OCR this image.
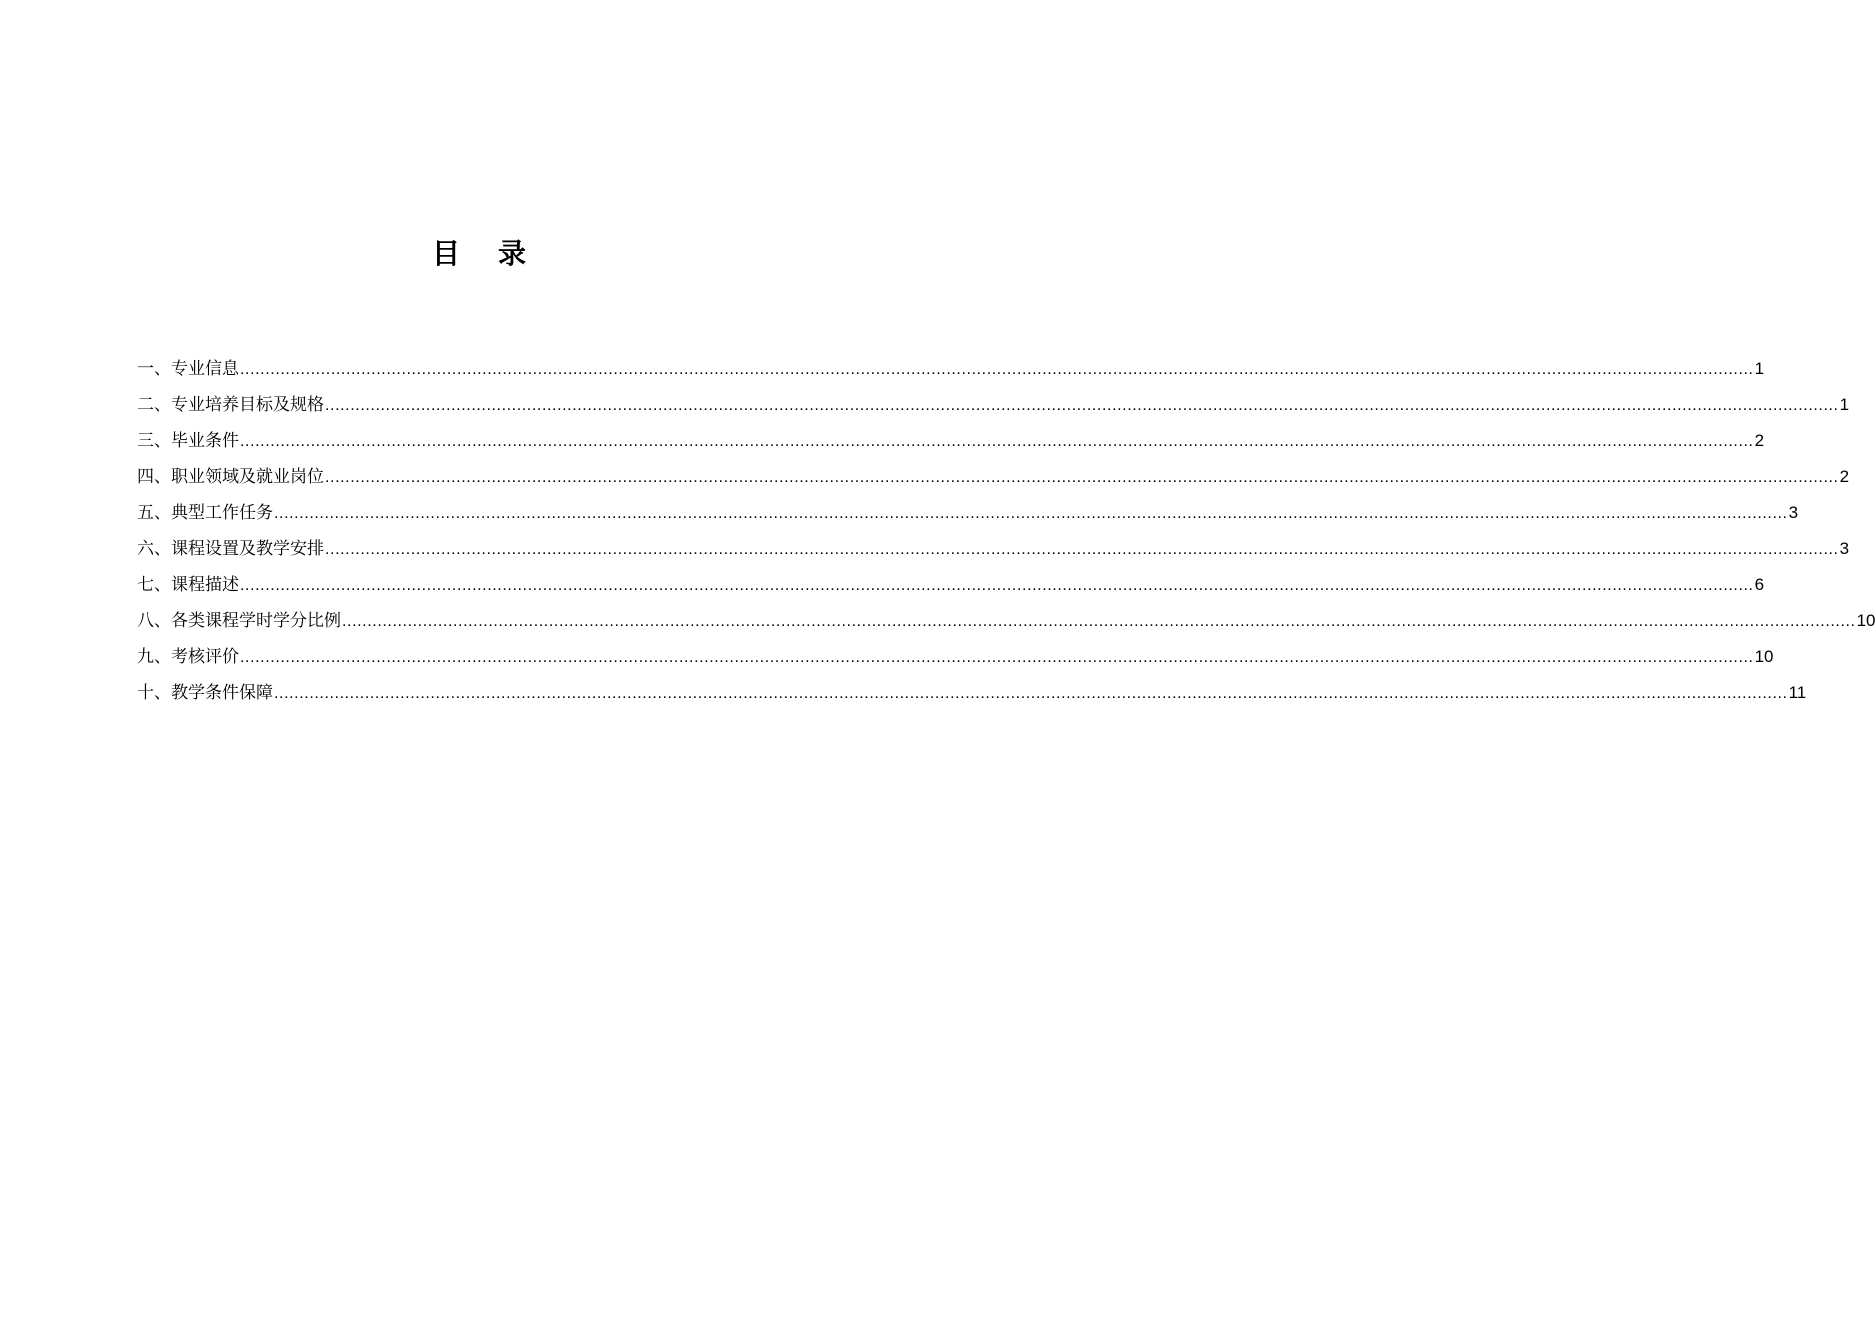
目录
一、专业信息 ............................................................................................................................................................................................................................................................................................................ 1
二、专业培养目标及规格 ............................................................................................................................................................................................................................................................................................................ 1
三、毕业条件 ............................................................................................................................................................................................................................................................................................................ 2
四、职业领域及就业岗位 ............................................................................................................................................................................................................................................................................................................ 2
五、典型工作任务 ............................................................................................................................................................................................................................................................................................................ 3
六、课程设置及教学安排 ............................................................................................................................................................................................................................................................................................................ 3
七、课程描述 ............................................................................................................................................................................................................................................................................................................ 6
八、各类课程学时学分比例 ............................................................................................................................................................................................................................................................................................................ 10
九、考核评价 ............................................................................................................................................................................................................................................................................................................ 10
十、教学条件保障 ............................................................................................................................................................................................................................................................................................................ 11
